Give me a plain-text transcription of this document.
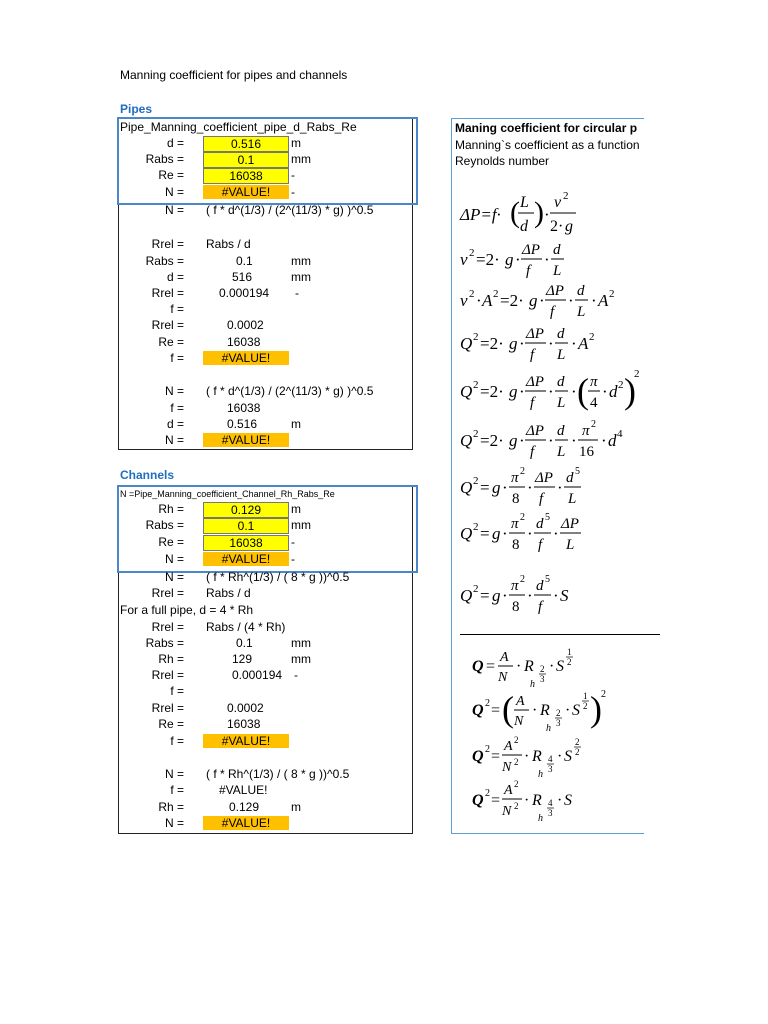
Manning coefficient for pipes and channels
Pipes
Pipe_Manning_coefficient_pipe_d_Rabs_Re
d =	0.516	m
Rabs =	0.1	mm
Re =	16038	-
N =	#VALUE!	-
N = ( f * d^(1/3) / (2^(11/3) * g) )^0.5
Rrel = Rabs / d
Rabs =	0.1	mm
d =	516	mm
Rrel =	0.000194 -
f =
Rrel =	0.0002
Re =	16038
f =	#VALUE!
N = ( f * d^(1/3) / (2^(11/3) * g) )^0.5
f =	16038
d =	0.516	m
N =	#VALUE!
Channels
N =Pipe_Manning_coefficient_Channel_Rh_Rabs_Re
Rh =	0.129	m
Rabs =	0.1	mm
Re =	16038	-
N =	#VALUE!	-
N = ( f * Rh^(1/3) / ( 8 * g ))^0.5
Rrel = Rabs / d
For a full pipe, d = 4 * Rh
Rrel = Rabs / (4 * Rh)
Rabs =	0.1	mm
Rh =	129	mm
Rrel =	0.000194 -
f =
Rrel =	0.0002
Re =	16038
f =	#VALUE!
N = ( f * Rh^(1/3) / ( 8 * g ))^0.5
f =	#VALUE!
Rh =	0.129	m
N =	#VALUE!
Maning coefficient for circular p
Manning`s coefficient as a function
Reynolds number
ΔP=f· ( L
d ) ·
v 2
2· g
v 2 =2· g · ΔP
f
· d
L
v 2 · A 2 =2· g · ΔP
f
· d
L
· A 2
Q 2 =2· g · ΔP
f
· d
L
· A 2
Q 2 =2· g · ΔP
f
· d
L
· ( π
4
· d 2 )
2
Q 2 =2· g · ΔP
f
· d
L
· π 2
16
· d 4
Q 2 = g · π 2
8
· ΔP
f
· d 5
L
Q 2 = g · π 2
8
· d 5
f
· ΔP
L
Q 2 = g · π 2
8
· d 5
f
· S
Q =
A
N
· R 2
3
h
· S
1
2
Q 2 = ( A
N
· R 2
3
h
· S
1
2 ) 2
Q 2 =
A 2
N 2 · R 4
3
h
· S
2
2
Q 2 =
A 2
N 2 · R 4
3
h
· S
